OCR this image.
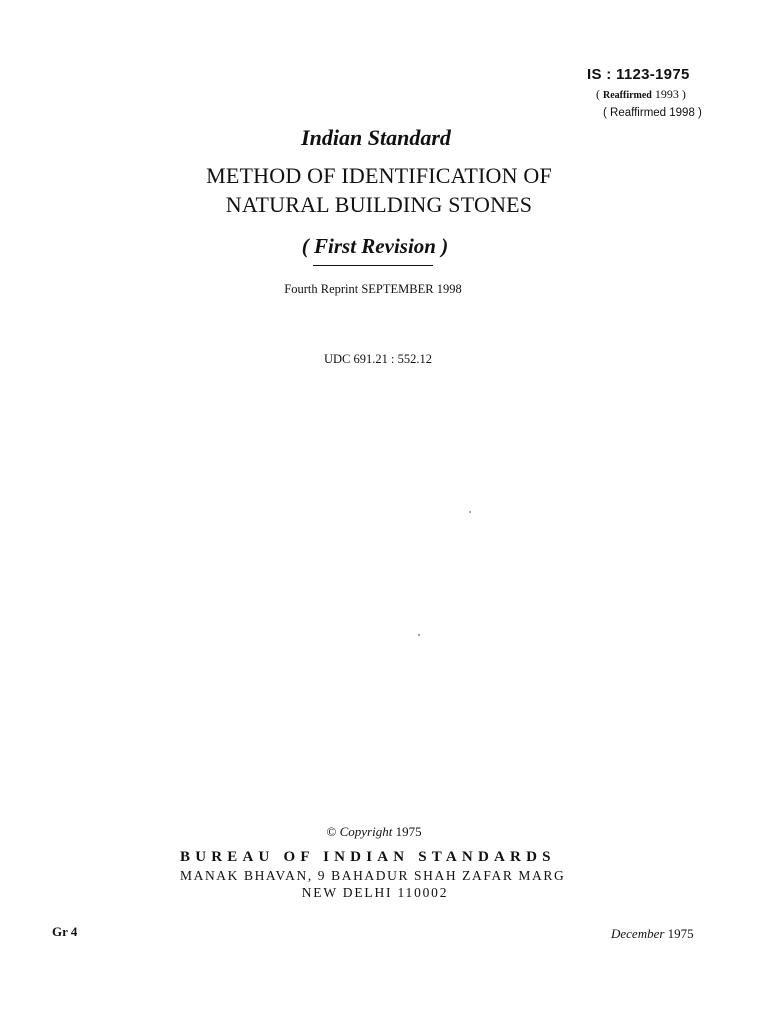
IS : 1123-1975
( Reaffirmed 1993 )
( Reaffirmed 1998 )
Indian Standard
METHOD OF IDENTIFICATION OF
NATURAL BUILDING STONES
( First Revision )
Fourth Reprint SEPTEMBER 1998
UDC 691.21 : 552.12
© Copyright 1975
BUREAU OF INDIAN STANDARDS
MANAK BHAVAN, 9 BAHADUR SHAH ZAFAR MARG
NEW DELHI 110002
Gr 4	December 1975
